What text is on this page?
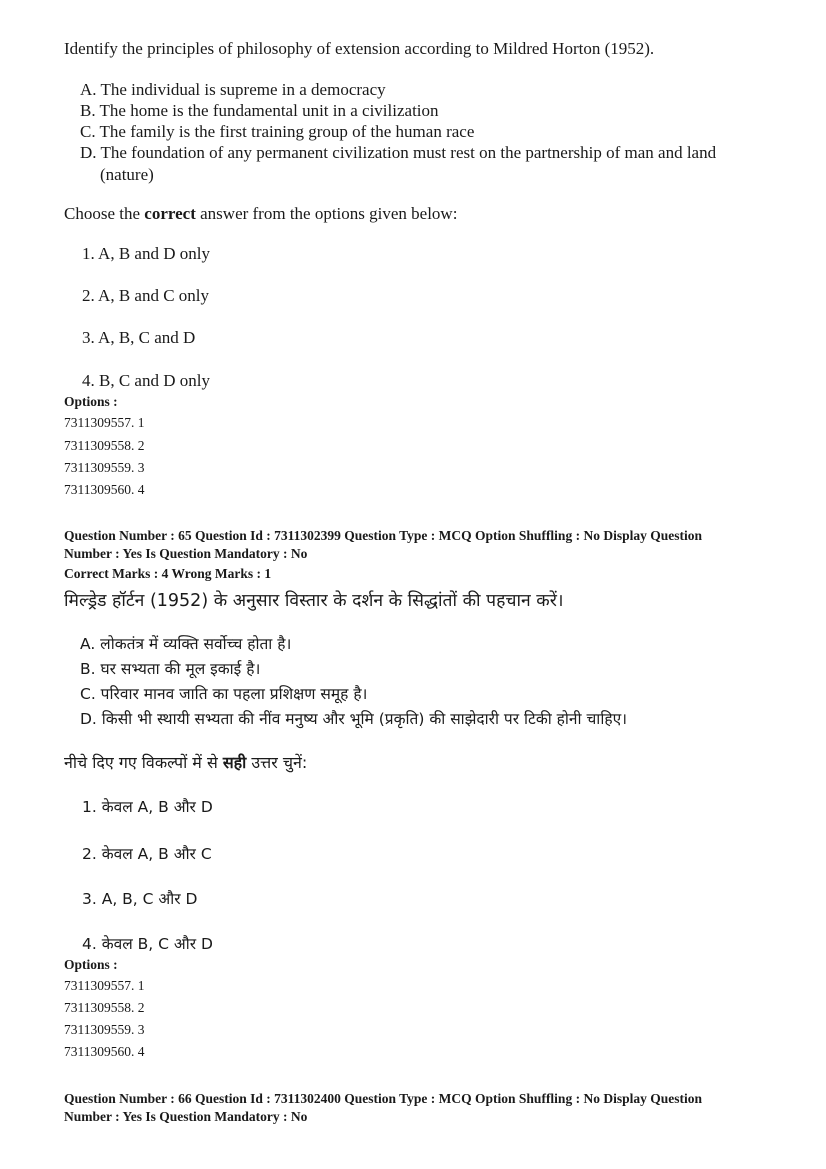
Identify the principles of philosophy of extension according to Mildred Horton (1952).
A. The individual is supreme in a democracy
B. The home is the fundamental unit in a civilization
C. The family is the first training group of the human race
D. The foundation of any permanent civilization must rest on the partnership of man and land
(nature)
Choose the correct answer from the options given below:
1. A, B and D only
2. A, B and C only
3. A, B, C and D
4. B, C and D only
Options :
7311309557. 1
7311309558. 2
7311309559. 3
7311309560. 4
Question Number : 65 Question Id : 7311302399 Question Type : MCQ Option Shuffling : No Display Question
Number : Yes Is Question Mandatory : No
Correct Marks : 4 Wrong Marks : 1
मिल्ड्रेड हॉर्टन (1952) के अनुसार विस्तार के दर्शन के सिद्धांतों की पहचान करें।
A. लोकतंत्र में व्यक्ति सर्वोच्च होता है।
B. घर सभ्यता की मूल इकाई है।
C. परिवार मानव जाति का पहला प्रशिक्षण समूह है।
D. किसी भी स्थायी सभ्यता की नींव मनुष्य और भूमि (प्रकृति) की साझेदारी पर टिकी होनी चाहिए।
नीचे दिए गए विकल्पों में से सही उत्तर चुनें:
1. केवल A, B और D
2. केवल A, B और C
3. A, B, C और D
4. केवल B, C और D
Options :
7311309557. 1
7311309558. 2
7311309559. 3
7311309560. 4
Question Number : 66 Question Id : 7311302400 Question Type : MCQ Option Shuffling : No Display Question
Number : Yes Is Question Mandatory : No
